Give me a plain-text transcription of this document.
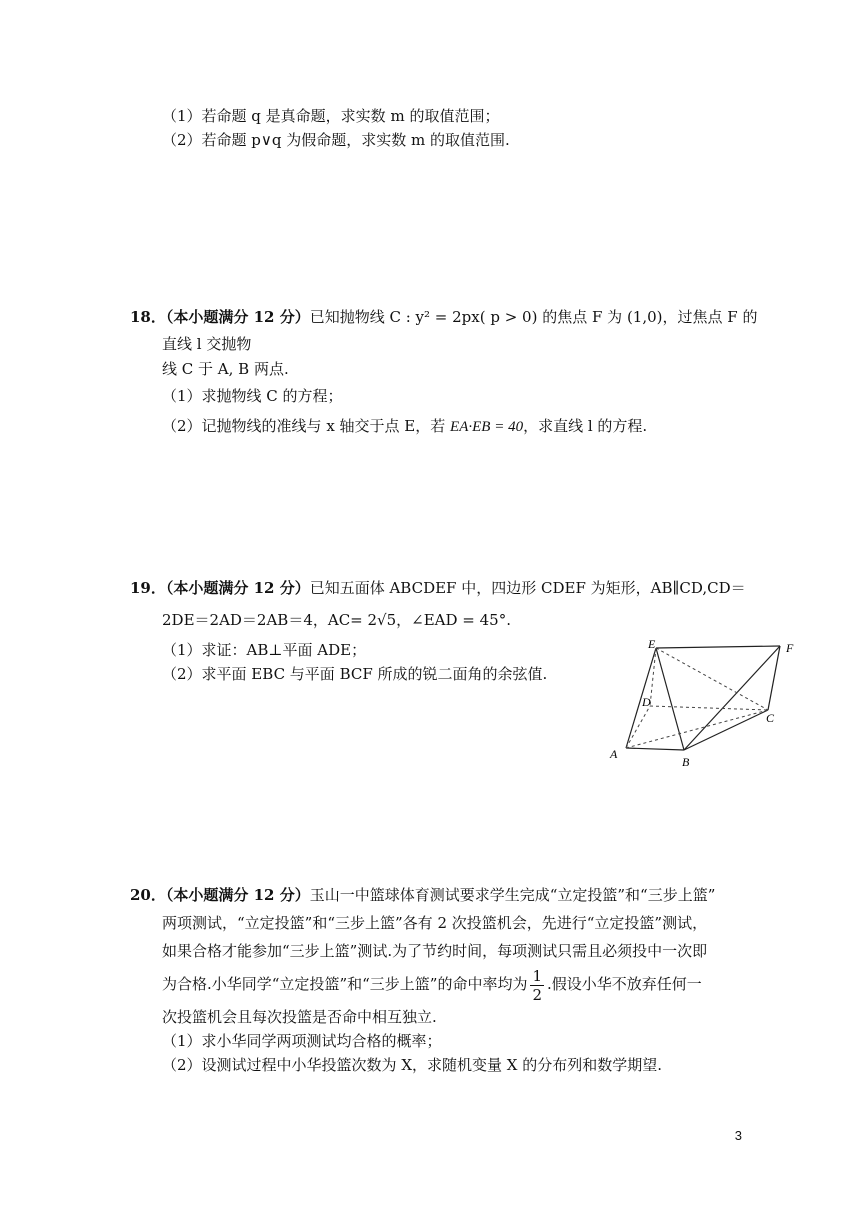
（1）若命题 q 是真命题，求实数 m 的取值范围；
（2）若命题 p∨q 为假命题，求实数 m 的取值范围.
18．（本小题满分 12 分）已知抛物线 C : y² = 2px( p > 0) 的焦点 F 为 (1,0)，过焦点 F 的
直线 l 交抛物
线 C 于 A, B 两点.
（1）求抛物线 C 的方程；
（2）记抛物线的准线与 x 轴交于点 E，若 EA·EB = 40，求直线 l 的方程.
19．（本小题满分 12 分）已知五面体 ABCDEF 中，四边形 CDEF 为矩形，AB∥CD,CD＝
2DE＝2AD＝2AB＝4，AC= 2√5，∠EAD = 45°.
（1）求证：AB⊥平面 ADE；
（2）求平面 EBC 与平面 BCF 所成的锐二面角的余弦值.
E	F
D
C
A
B
20．（本小题满分 12 分）玉山一中篮球体育测试要求学生完成“立定投篮”和“三步上篮”
两项测试，“立定投篮”和“三步上篮”各有 2 次投篮机会，先进行“立定投篮”测试，
如果合格才能参加“三步上篮”测试.为了节约时间，每项测试只需且必须投中一次即
为合格.小华同学“立定投篮”和“三步上篮”的命中率均为 $\frac{1}{2}$ .假设小华不放弃任何一
次投篮机会且每次投篮是否命中相互独立.
（1）求小华同学两项测试均合格的概率；
（2）设测试过程中小华投篮次数为 X，求随机变量 X 的分布列和数学期望.
3
